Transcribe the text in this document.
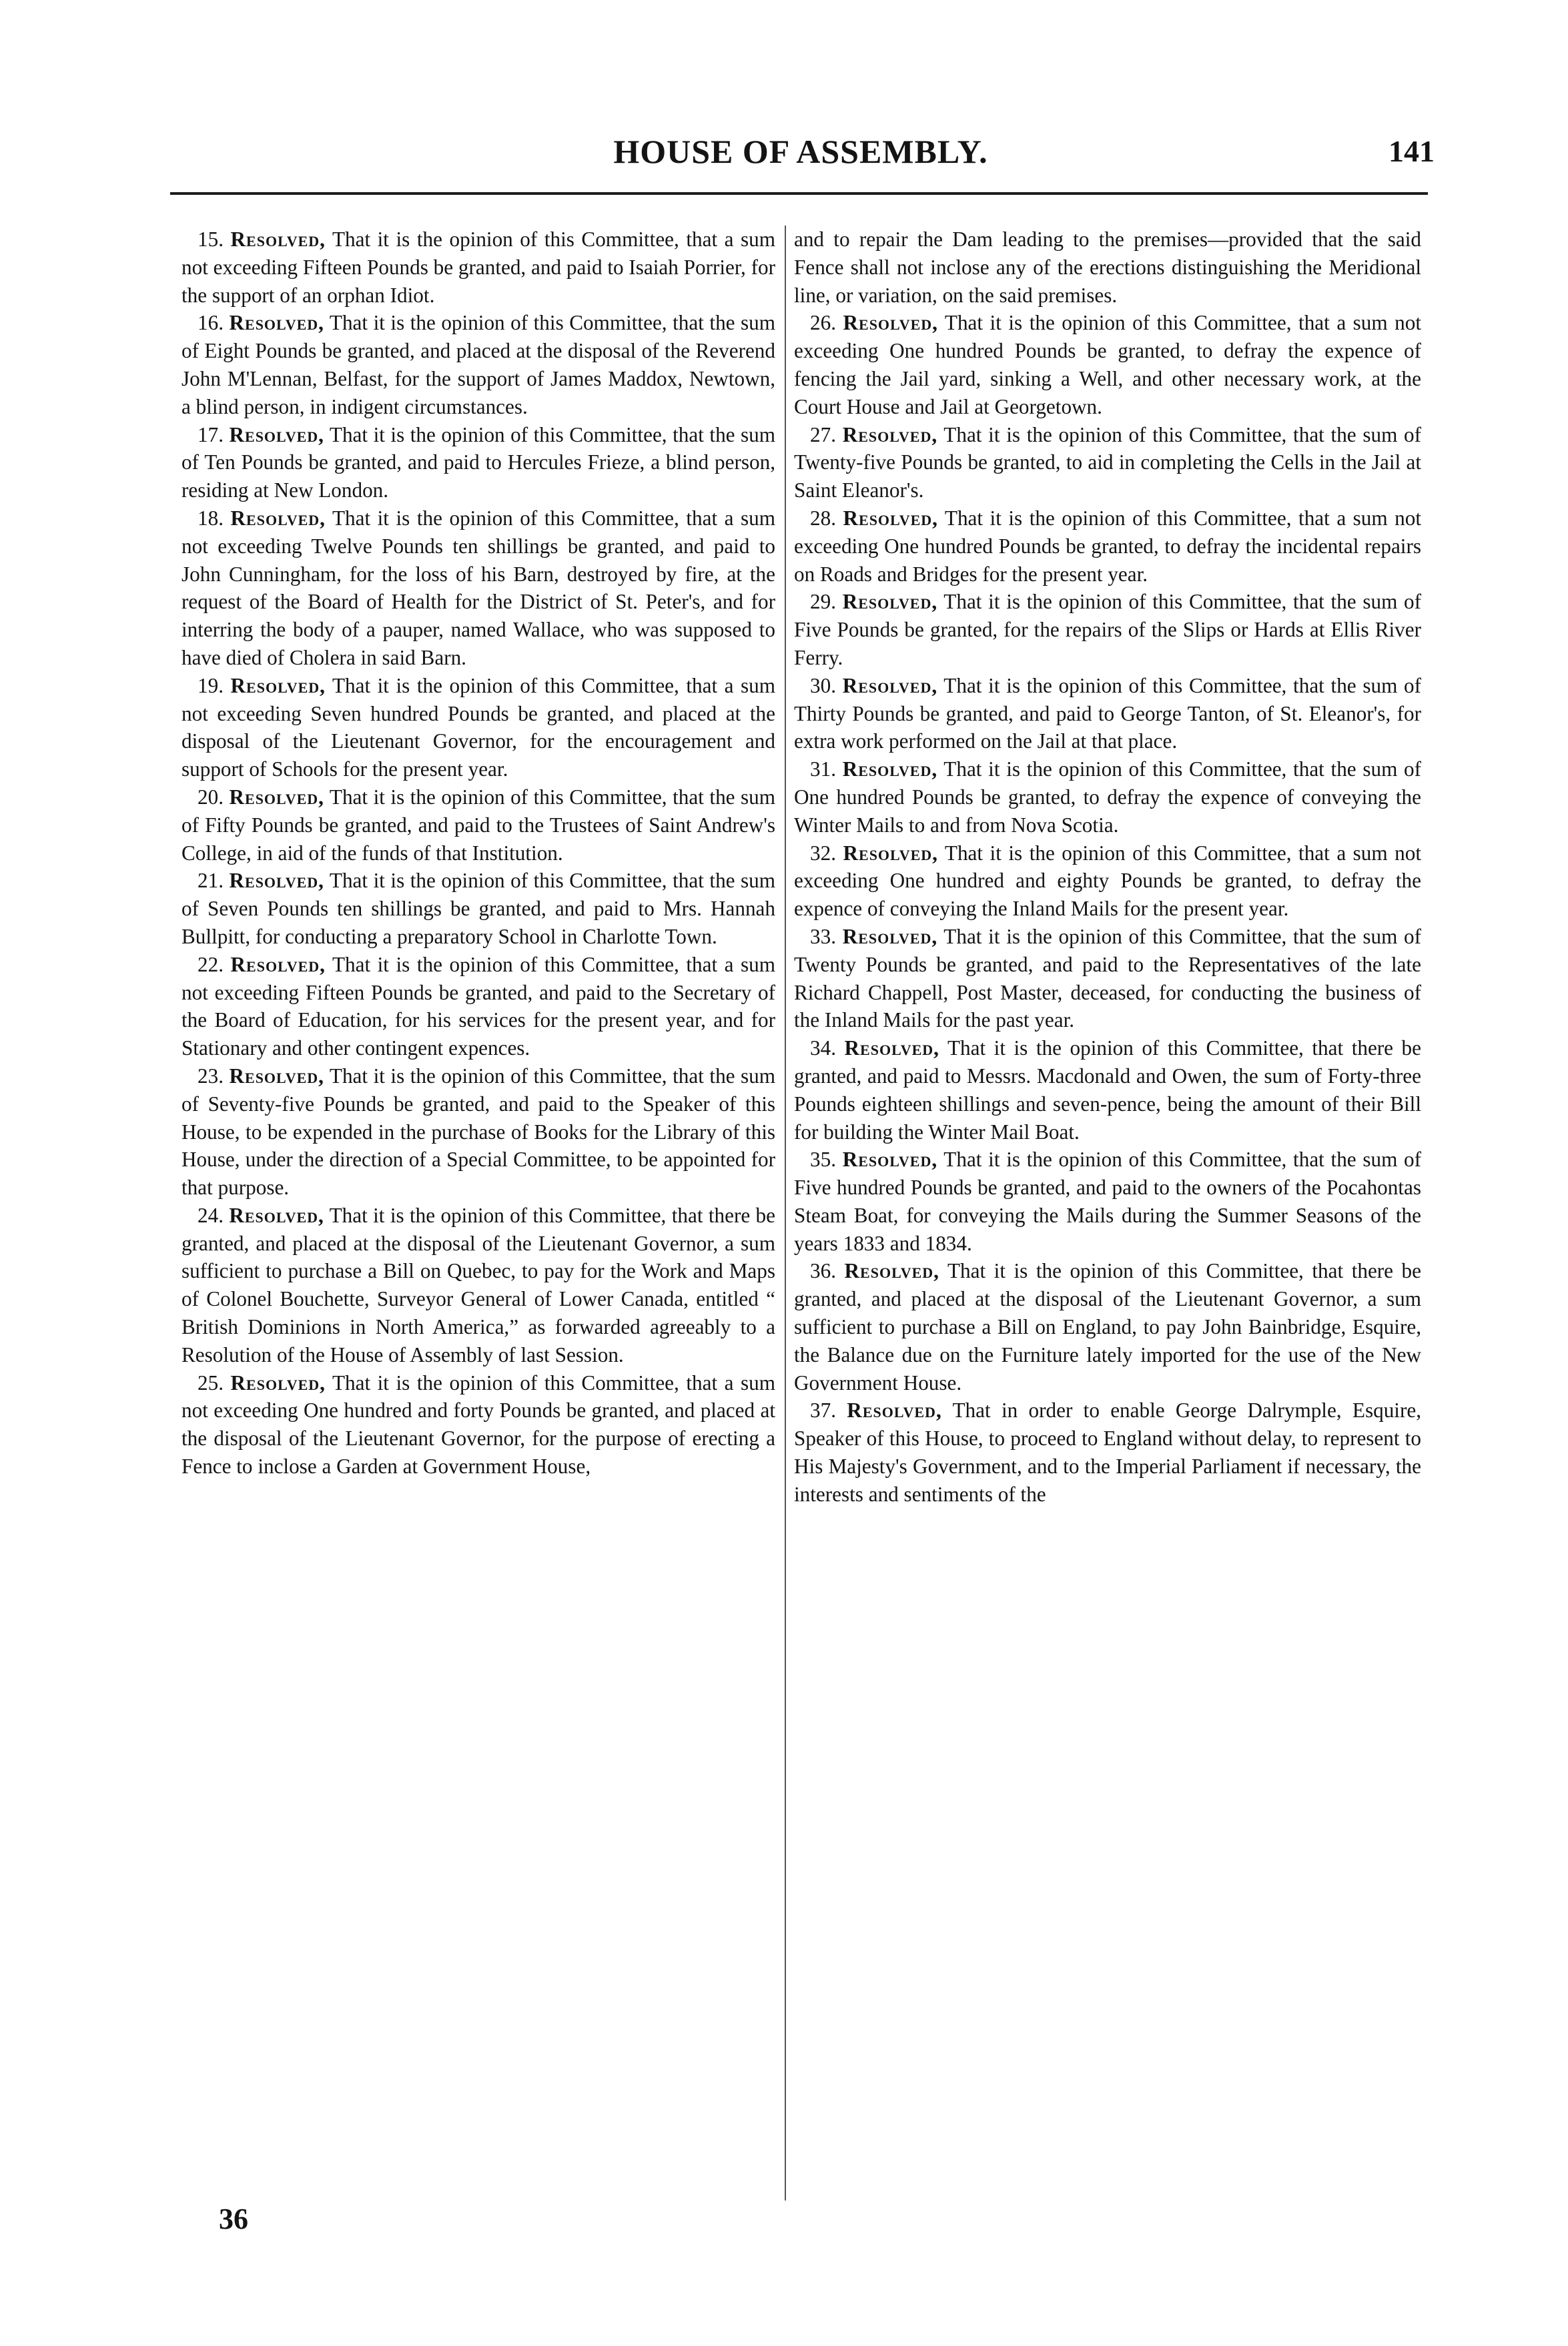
HOUSE OF ASSEMBLY.	141

15. Resolved, That it is the opinion of this Committee, that a sum not exceeding Fifteen Pounds be granted, and paid to Isaiah Porrier, for the support of an orphan Idiot.

16. Resolved, That it is the opinion of this Committee, that the sum of Eight Pounds be granted, and placed at the disposal of the Reverend John M'Lennan, Belfast, for the support of James Maddox, Newtown, a blind person, in indigent circumstances.

17. Resolved, That it is the opinion of this Committee, that the sum of Ten Pounds be granted, and paid to Hercules Frieze, a blind person, residing at New London.

18. Resolved, That it is the opinion of this Committee, that a sum not exceeding Twelve Pounds ten shillings be granted, and paid to John Cunningham, for the loss of his Barn, destroyed by fire, at the request of the Board of Health for the District of St. Peter's, and for interring the body of a pauper, named Wallace, who was supposed to have died of Cholera in said Barn.

19. Resolved, That it is the opinion of this Committee, that a sum not exceeding Seven hundred Pounds be granted, and placed at the disposal of the Lieutenant Governor, for the encouragement and support of Schools for the present year.

20. Resolved, That it is the opinion of this Committee, that the sum of Fifty Pounds be granted, and paid to the Trustees of Saint Andrew's College, in aid of the funds of that Institution.

21. Resolved, That it is the opinion of this Committee, that the sum of Seven Pounds ten shillings be granted, and paid to Mrs. Hannah Bullpitt, for conducting a preparatory School in Charlotte Town.

22. Resolved, That it is the opinion of this Committee, that a sum not exceeding Fifteen Pounds be granted, and paid to the Secretary of the Board of Education, for his services for the present year, and for Stationary and other contingent expences.

23. Resolved, That it is the opinion of this Committee, that the sum of Seventy-five Pounds be granted, and paid to the Speaker of this House, to be expended in the purchase of Books for the Library of this House, under the direction of a Special Committee, to be appointed for that purpose.

24. Resolved, That it is the opinion of this Committee, that there be granted, and placed at the disposal of the Lieutenant Governor, a sum sufficient to purchase a Bill on Quebec, to pay for the Work and Maps of Colonel Bouchette, Surveyor General of Lower Canada, entitled “ British Dominions in North America,” as forwarded agreeably to a Resolution of the House of Assembly of last Session.

25. Resolved, That it is the opinion of this Committee, that a sum not exceeding One hundred and forty Pounds be granted, and placed at the disposal of the Lieutenant Governor, for the purpose of erecting a Fence to inclose a Garden at Government House,

and to repair the Dam leading to the premises—provided that the said Fence shall not inclose any of the erections distinguishing the Meridional line, or variation, on the said premises.

26. Resolved, That it is the opinion of this Committee, that a sum not exceeding One hundred Pounds be granted, to defray the expence of fencing the Jail yard, sinking a Well, and other necessary work, at the Court House and Jail at Georgetown.

27. Resolved, That it is the opinion of this Committee, that the sum of Twenty-five Pounds be granted, to aid in completing the Cells in the Jail at Saint Eleanor's.

28. Resolved, That it is the opinion of this Committee, that a sum not exceeding One hundred Pounds be granted, to defray the incidental repairs on Roads and Bridges for the present year.

29. Resolved, That it is the opinion of this Committee, that the sum of Five Pounds be granted, for the repairs of the Slips or Hards at Ellis River Ferry.

30. Resolved, That it is the opinion of this Committee, that the sum of Thirty Pounds be granted, and paid to George Tanton, of St. Eleanor's, for extra work performed on the Jail at that place.

31. Resolved, That it is the opinion of this Committee, that the sum of One hundred Pounds be granted, to defray the expence of conveying the Winter Mails to and from Nova Scotia.

32. Resolved, That it is the opinion of this Committee, that a sum not exceeding One hundred and eighty Pounds be granted, to defray the expence of conveying the Inland Mails for the present year.

33. Resolved, That it is the opinion of this Committee, that the sum of Twenty Pounds be granted, and paid to the Representatives of the late Richard Chappell, Post Master, deceased, for conducting the business of the Inland Mails for the past year.

34. Resolved, That it is the opinion of this Committee, that there be granted, and paid to Messrs. Macdonald and Owen, the sum of Forty-three Pounds eighteen shillings and seven-pence, being the amount of their Bill for building the Winter Mail Boat.

35. Resolved, That it is the opinion of this Committee, that the sum of Five hundred Pounds be granted, and paid to the owners of the Pocahontas Steam Boat, for conveying the Mails during the Summer Seasons of the years 1833 and 1834.

36. Resolved, That it is the opinion of this Committee, that there be granted, and placed at the disposal of the Lieutenant Governor, a sum sufficient to purchase a Bill on England, to pay John Bainbridge, Esquire, the Balance due on the Furniture lately imported for the use of the New Government House.

37. Resolved, That in order to enable George Dalrymple, Esquire, Speaker of this House, to proceed to England without delay, to represent to His Majesty's Government, and to the Imperial Parliament if necessary, the interests and sentiments of the

36
